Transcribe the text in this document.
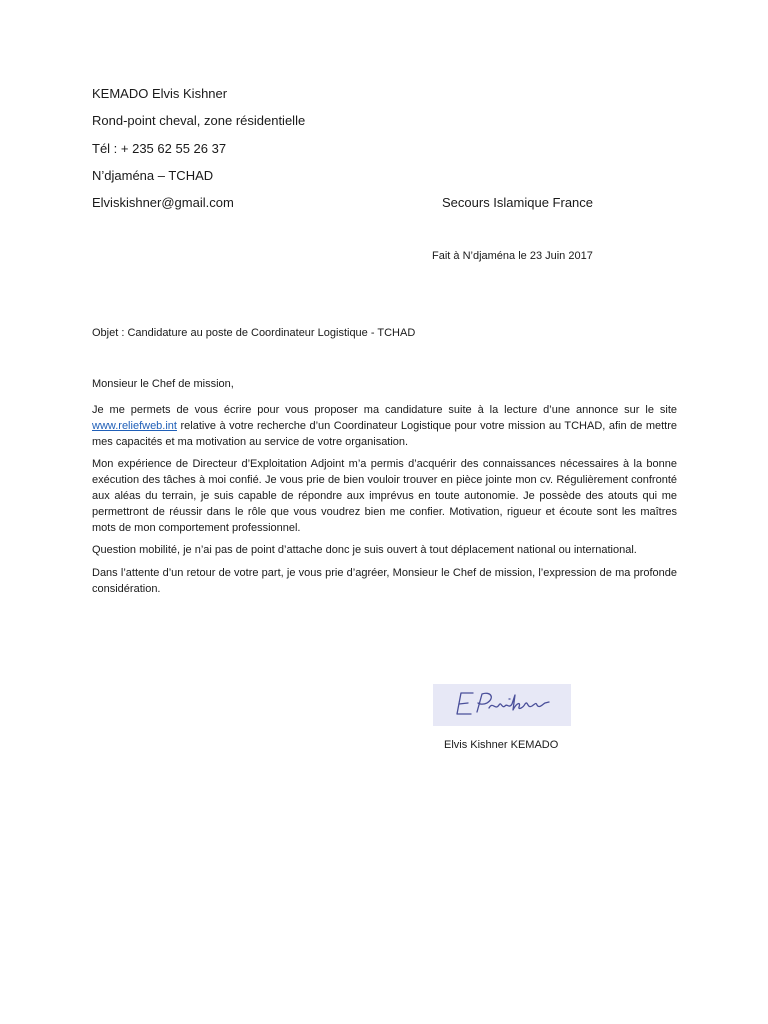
KEMADO Elvis Kishner
Rond-point cheval, zone résidentielle
Tél : + 235 62 55 26 37
N’djaména – TCHAD
Elviskishner@gmail.com	Secours Islamique France
Fait à N’djaména le 23 Juin 2017
Objet : Candidature au poste de Coordinateur Logistique - TCHAD
Monsieur le Chef de mission,

Je me permets de vous écrire pour vous proposer ma candidature suite à la lecture d’une annonce sur le site www.reliefweb.int relative à votre recherche d’un Coordinateur Logistique pour votre mission au TCHAD, afin de mettre mes capacités et ma motivation au service de votre organisation.

Mon expérience de Directeur d’Exploitation Adjoint m’a permis d’acquérir des connaissances nécessaires à la bonne exécution des tâches à moi confié. Je vous prie de bien vouloir trouver en pièce jointe mon cv. Régulièrement confronté aux aléas du terrain, je suis capable de répondre aux imprévus en toute autonomie. Je possède des atouts qui me permettront de réussir dans le rôle que vous voudrez bien me confier. Motivation, rigueur et écoute sont les maîtres mots de mon comportement professionnel.

Question mobilité, je n’ai pas de point d’attache donc je suis ouvert à tout déplacement national ou international.

Dans l’attente d’un retour de votre part, je vous prie d’agréer, Monsieur le Chef de mission, l’expression de ma profonde considération.

Elvis Kishner KEMADO
